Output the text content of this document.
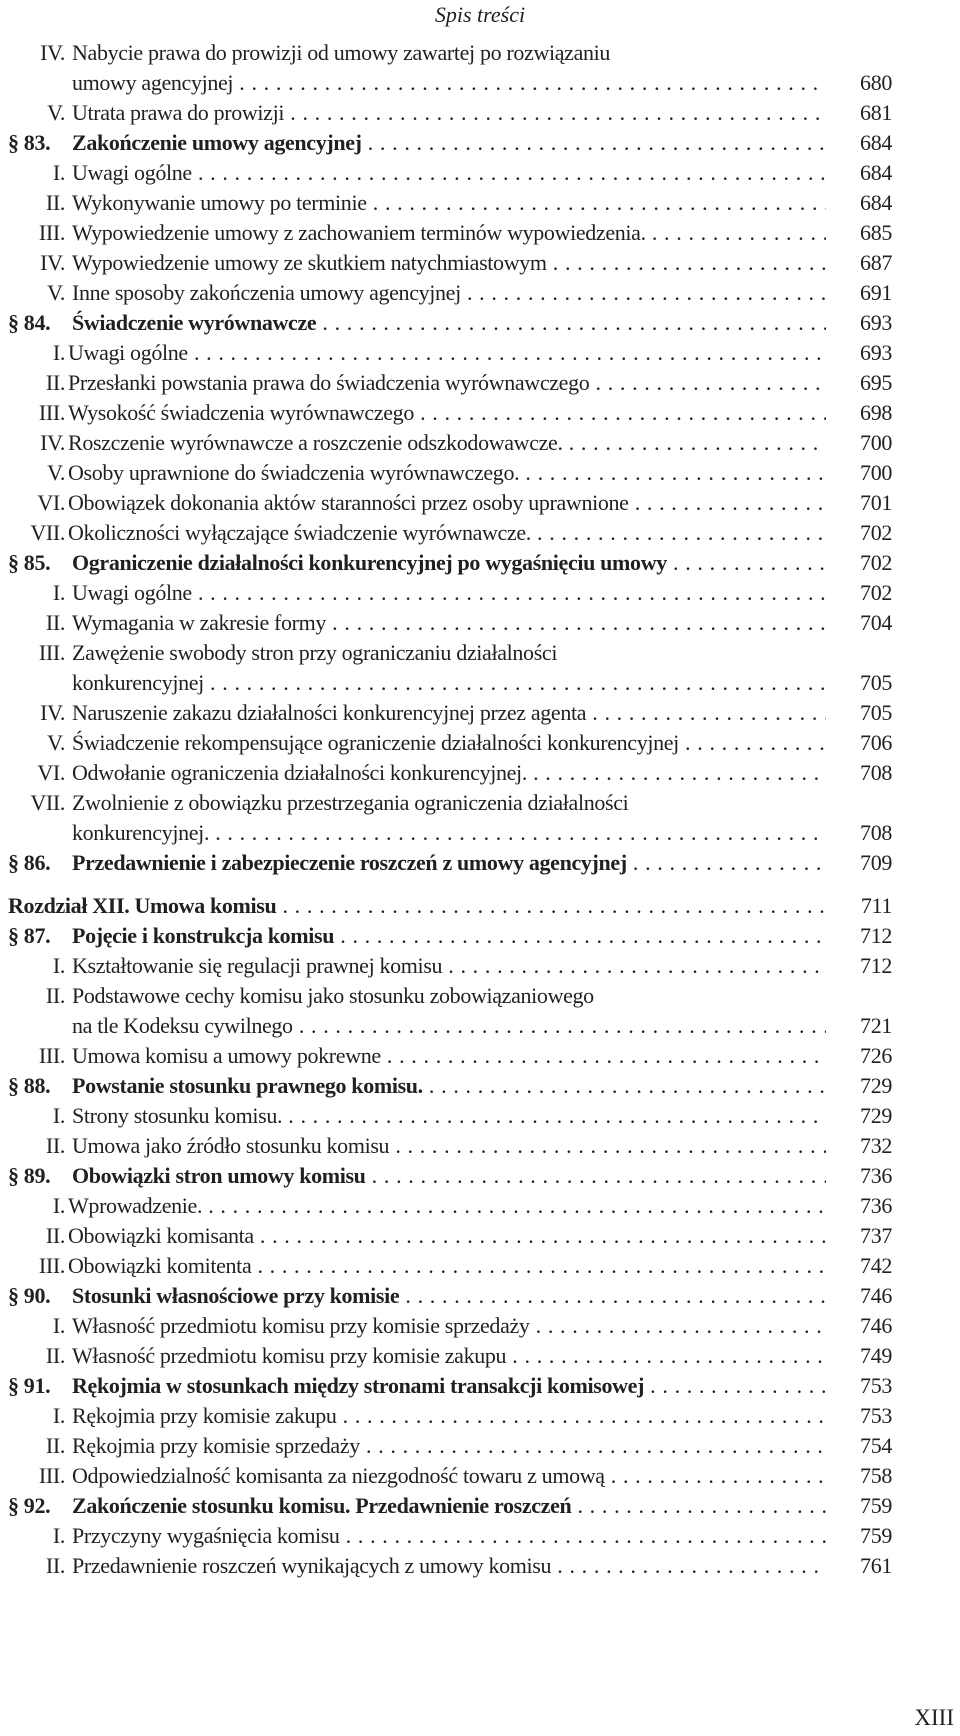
Spis treści
IV. Nabycie prawa do prowizji od umowy zawartej po rozwiązaniu
umowy agencyjnej . . .	680
V. Utrata prawa do prowizji . . .	681
§ 83. Zakończenie umowy agencyjnej . . .	684
I. Uwagi ogólne . . .	684
II. Wykonywanie umowy po terminie . . .	684
III. Wypowiedzenie umowy z zachowaniem terminów wypowiedzenia. . . .	685
IV. Wypowiedzenie umowy ze skutkiem natychmiastowym . . .	687
V. Inne sposoby zakończenia umowy agencyjnej . . .	691
§ 84. Świadczenie wyrównawcze . . .	693
I. Uwagi ogólne . . .	693
II. Przesłanki powstania prawa do świadczenia wyrównawczego . . .	695
III. Wysokość świadczenia wyrównawczego . . .	698
IV. Roszczenie wyrównawcze a roszczenie odszkodowawcze. . . .	700
V. Osoby uprawnione do świadczenia wyrównawczego. . . .	700
VI. Obowiązek dokonania aktów staranności przez osoby uprawnione . . .	701
VII. Okoliczności wyłączające świadczenie wyrównawcze. . . .	702
§ 85. Ograniczenie działalności konkurencyjnej po wygaśnięciu umowy . . .	702
I. Uwagi ogólne . . .	702
II. Wymagania w zakresie formy . . .	704
III. Zawężenie swobody stron przy ograniczaniu działalności
konkurencyjnej . . .	705
IV. Naruszenie zakazu działalności konkurencyjnej przez agenta . . .	705
V. Świadczenie rekompensujące ograniczenie działalności konkurencyjnej . . .	706
VI. Odwołanie ograniczenia działalności konkurencyjnej. . . .	708
VII. Zwolnienie z obowiązku przestrzegania ograniczenia działalności
konkurencyjnej. . . .	708
§ 86. Przedawnienie i zabezpieczenie roszczeń z umowy agencyjnej . . .	709
Rozdział XII. Umowa komisu . . .	711
§ 87. Pojęcie i konstrukcja komisu . . .	712
I. Kształtowanie się regulacji prawnej komisu . . .	712
II. Podstawowe cechy komisu jako stosunku zobowiązaniowego
na tle Kodeksu cywilnego . . .	721
III. Umowa komisu a umowy pokrewne . . .	726
§ 88. Powstanie stosunku prawnego komisu. . . .	729
I. Strony stosunku komisu. . . .	729
II. Umowa jako źródło stosunku komisu . . .	732
§ 89. Obowiązki stron umowy komisu . . .	736
I. Wprowadzenie. . . .	736
II. Obowiązki komisanta . . .	737
III. Obowiązki komitenta . . .	742
§ 90. Stosunki własnościowe przy komisie . . .	746
I. Własność przedmiotu komisu przy komisie sprzedaży . . .	746
II. Własność przedmiotu komisu przy komisie zakupu . . .	749
§ 91. Rękojmia w stosunkach między stronami transakcji komisowej . . .	753
I. Rękojmia przy komisie zakupu . . .	753
II. Rękojmia przy komisie sprzedaży . . .	754
III. Odpowiedzialność komisanta za niezgodność towaru z umową . . .	758
§ 92. Zakończenie stosunku komisu. Przedawnienie roszczeń . . .	759
I. Przyczyny wygaśnięcia komisu . . .	759
II. Przedawnienie roszczeń wynikających z umowy komisu . . .	761
XIII
